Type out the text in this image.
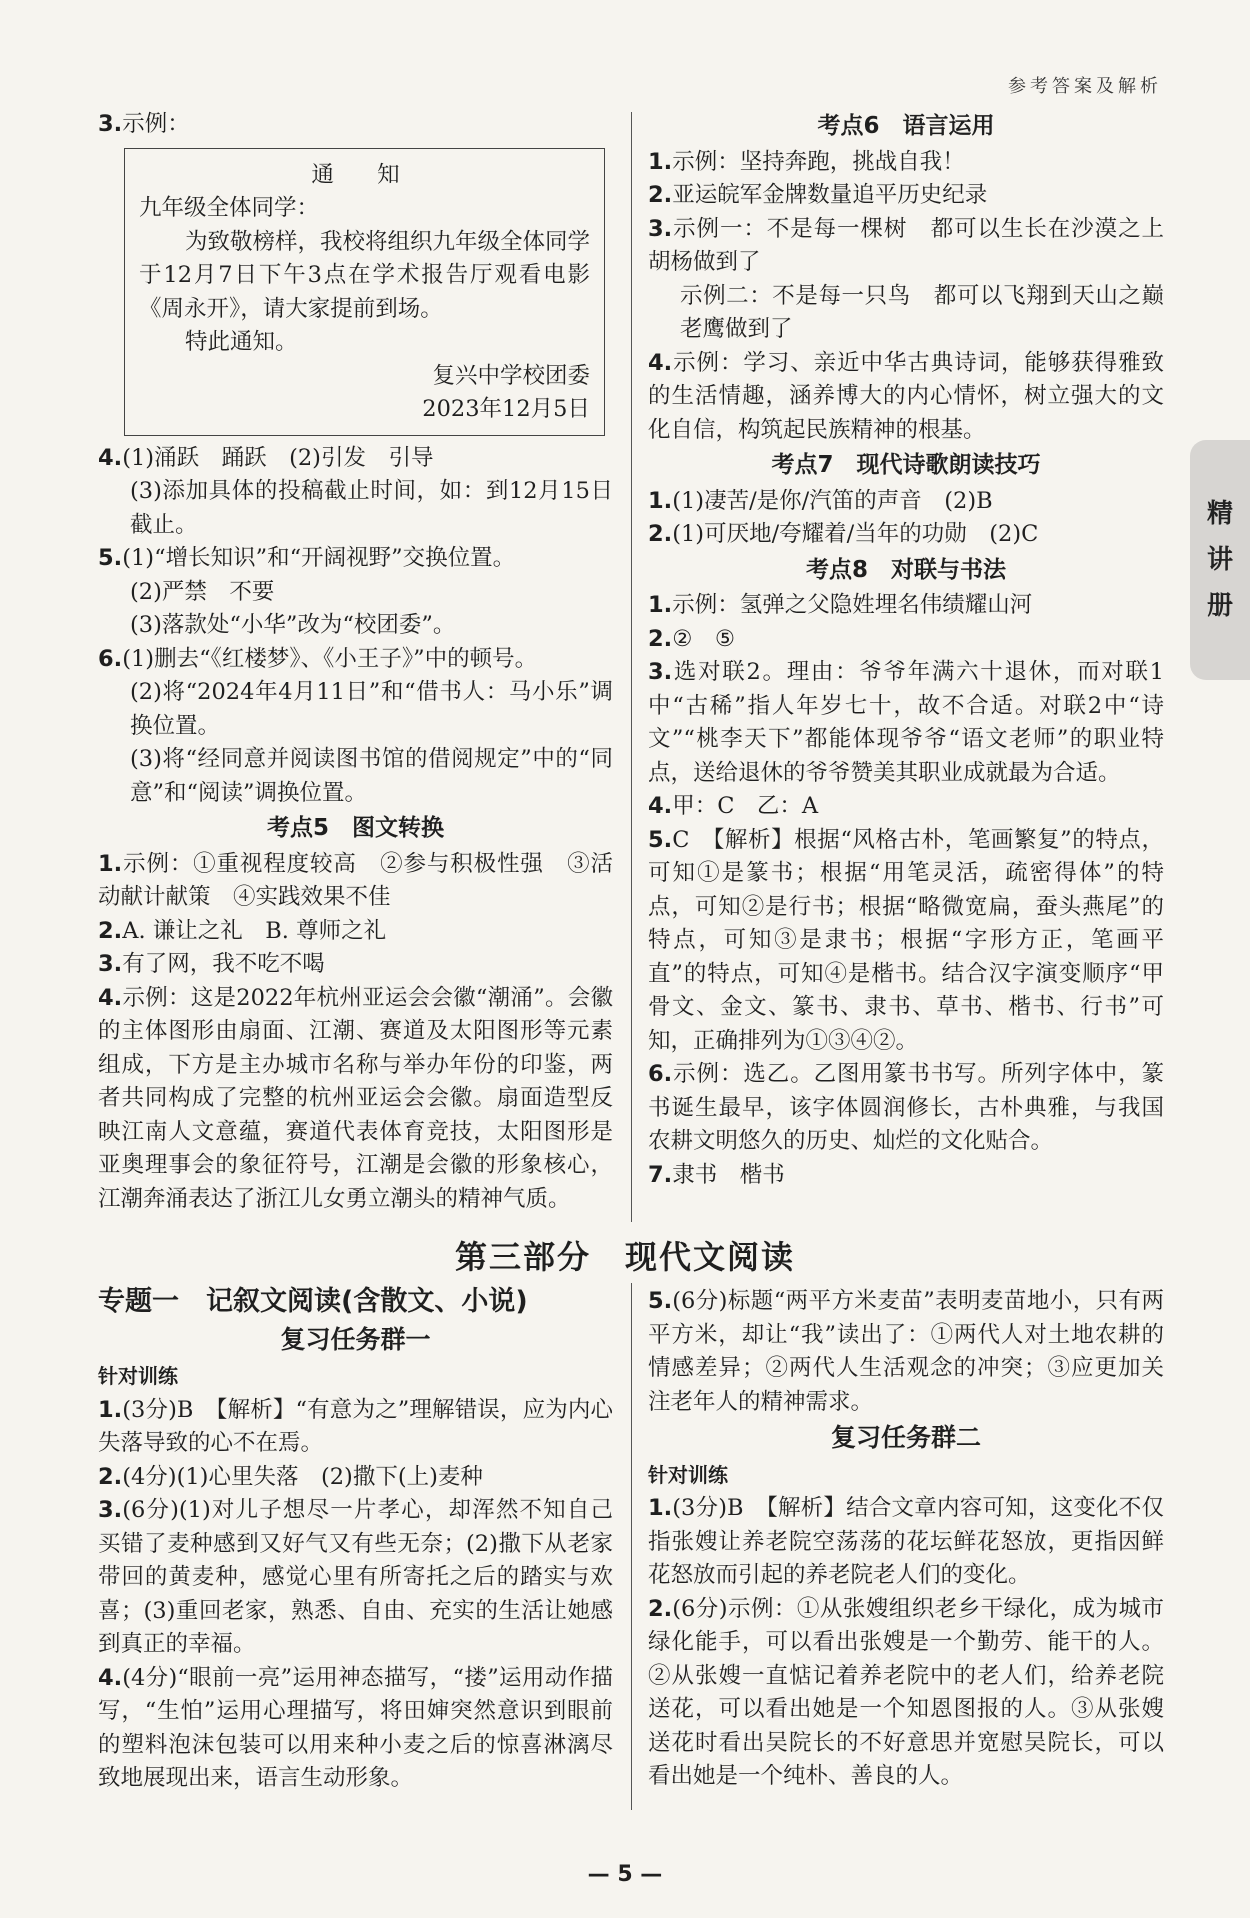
参考答案及解析
精
讲
册

3.示例：

通 知

九年级全体同学：

为致敬榜样，我校将组织九年级全体同学于12月7日下午3点在学术报告厅观看电影《周永开》，请大家提前到场。

特此通知。

复兴中学校团委

2023年12月5日

4.(1)涌跃　踊跃　(2)引发　引导

(3)添加具体的投稿截止时间，如：到12月15日截止。

5.(1)“增长知识”和“开阔视野”交换位置。

(2)严禁　不要

(3)落款处“小华”改为“校团委”。

6.(1)删去“《红楼梦》、《小王子》”中的顿号。

(2)将“2024年4月11日”和“借书人：马小乐”调换位置。

(3)将“经同意并阅读图书馆的借阅规定”中的“同意”和“阅读”调换位置。

考点5　图文转换

1.示例：①重视程度较高　②参与积极性强　③活动献计献策　④实践效果不佳

2.A. 谦让之礼　B. 尊师之礼

3.有了网，我不吃不喝

4.示例：这是2022年杭州亚运会会徽“潮涌”。会徽的主体图形由扇面、江潮、赛道及太阳图形等元素组成，下方是主办城市名称与举办年份的印鉴，两者共同构成了完整的杭州亚运会会徽。扇面造型反映江南人文意蕴，赛道代表体育竞技，太阳图形是亚奥理事会的象征符号，江潮是会徽的形象核心，江潮奔涌表达了浙江儿女勇立潮头的精神气质。

考点6　语言运用

1.示例：坚持奔跑，挑战自我！

2.亚运皖军金牌数量追平历史纪录

3.示例一：不是每一棵树　都可以生长在沙漠之上　胡杨做到了

示例二：不是每一只鸟　都可以飞翔到天山之巅　老鹰做到了

4.示例：学习、亲近中华古典诗词，能够获得雅致的生活情趣，涵养博大的内心情怀，树立强大的文化自信，构筑起民族精神的根基。

考点7　现代诗歌朗读技巧

1.(1)凄苦/是你/汽笛的声音　(2)B

2.(1)可厌地/夸耀着/当年的功勋　(2)C

考点8　对联与书法

1.示例：氢弹之父隐姓埋名伟绩耀山河

2.②　⑤

3.选对联2。理由：爷爷年满六十退休，而对联1中“古稀”指人年岁七十，故不合适。对联2中“诗文”“桃李天下”都能体现爷爷“语文老师”的职业特点，送给退休的爷爷赞美其职业成就最为合适。

4.甲：C　乙：A

5.C　【解析】根据“风格古朴，笔画繁复”的特点，可知①是篆书；根据“用笔灵活，疏密得体”的特点，可知②是行书；根据“略微宽扁，蚕头燕尾”的特点，可知③是隶书；根据“字形方正，笔画平直”的特点，可知④是楷书。结合汉字演变顺序“甲骨文、金文、篆书、隶书、草书、楷书、行书”可知，正确排列为①③④②。

6.示例：选乙。乙图用篆书书写。所列字体中，篆书诞生最早，该字体圆润修长，古朴典雅，与我国农耕文明悠久的历史、灿烂的文化贴合。

7.隶书　楷书

第三部分　现代文阅读
专题一　记叙文阅读(含散文、小说)
复习任务群一
针对训练

1.(3分)B　【解析】“有意为之”理解错误，应为内心失落导致的心不在焉。

2.(4分)(1)心里失落　(2)撒下(上)麦种

3.(6分)(1)对儿子想尽一片孝心，却浑然不知自己买错了麦种感到又好气又有些无奈；(2)撒下从老家带回的黄麦种，感觉心里有所寄托之后的踏实与欢喜；(3)重回老家，熟悉、自由、充实的生活让她感到真正的幸福。

4.(4分)“眼前一亮”运用神态描写，“搂”运用动作描写，“生怕”运用心理描写，将田婶突然意识到眼前的塑料泡沫包装可以用来种小麦之后的惊喜淋漓尽致地展现出来，语言生动形象。

5.(6分)标题“两平方米麦苗”表明麦苗地小，只有两平方米，却让“我”读出了：①两代人对土地农耕的情感差异；②两代人生活观念的冲突；③应更加关注老年人的精神需求。

复习任务群二
针对训练

1.(3分)B　【解析】结合文章内容可知，这变化不仅指张嫂让养老院空荡荡的花坛鲜花怒放，更指因鲜花怒放而引起的养老院老人们的变化。

2.(6分)示例：①从张嫂组织老乡干绿化，成为城市绿化能手，可以看出张嫂是一个勤劳、能干的人。②从张嫂一直惦记着养老院中的老人们，给养老院送花，可以看出她是一个知恩图报的人。③从张嫂送花时看出吴院长的不好意思并宽慰吴院长，可以看出她是一个纯朴、善良的人。

— 5 —
